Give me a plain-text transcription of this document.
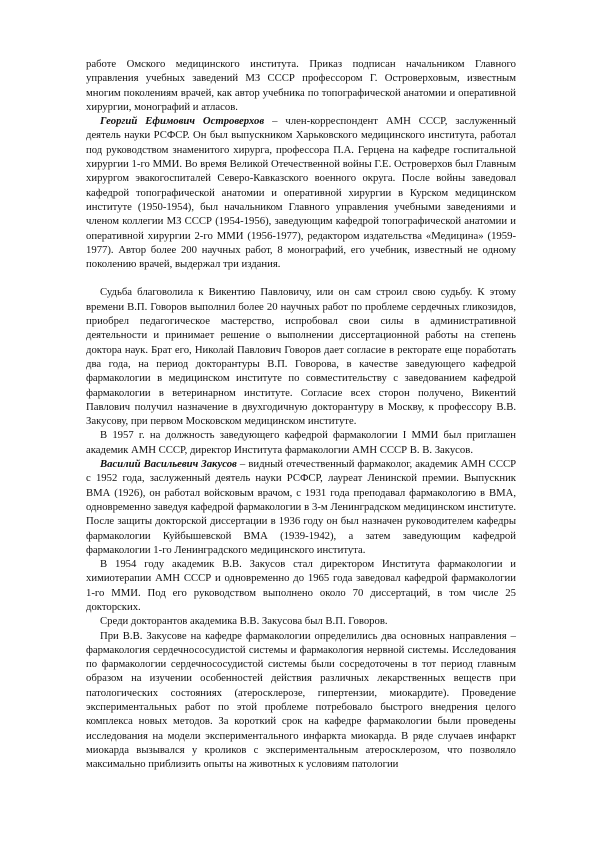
работе Омского медицинского института. Приказ подписан начальником Главного управления учебных заведений МЗ СССР профессором Г. Островерховым, известным многим поколениям врачей, как автор учебника по топографической анатомии и оперативной хирургии, монографий и атласов.

Георгий Ефимович Островерхов – член-корреспондент АМН СССР, заслуженный деятель науки РСФСР. Он был выпускником Харьковского медицинского института, работал под руководством знаменитого хирурга, профессора П.А. Герцена на кафедре госпитальной хирургии 1-го ММИ. Во время Великой Отечественной войны Г.Е. Островерхов был Главным хирургом эвакогоспиталей Северо-Кавказского военного округа. После войны заведовал кафедрой топографической анатомии и оперативной хирургии в Курском медицинском институте (1950-1954), был начальником Главного управления учебными заведениями и членом коллегии МЗ СССР (1954-1956), заведующим кафедрой топографической анатомии и оперативной хирургии 2-го ММИ (1956-1977), редактором издательства «Медицина» (1959-1977). Автор более 200 научных работ, 8 монографий, его учебник, известный не одному поколению врачей, выдержал три издания.

Судьба благоволила к Викентию Павловичу, или он сам строил свою судьбу. К этому времени В.П. Говоров выполнил более 20 научных работ по проблеме сердечных гликозидов, приобрел педагогическое мастерство, испробовал свои силы в административной деятельности и принимает решение о выполнении диссертационной работы на степень доктора наук. Брат его, Николай Павлович Говоров дает согласие в ректорате еще поработать два года, на период докторантуры В.П. Говорова, в качестве заведующего кафедрой фармакологии в медицинском институте по совместительству с заведованием кафедрой фармакологии в ветеринарном институте. Согласие всех сторон получено, Викентий Павлович получил назначение в двухгодичную докторантуру в Москву, к профессору В.В. Закусову, при первом Московском медицинском институте.

В 1957 г. на должность заведующего кафедрой фармакологии I ММИ был приглашен академик АМН СССР, директор Института фармакологии АМН СССР В. В. Закусов.

Василий Васильевич Закусов – видный отечественный фармаколог, академик АМН СССР с 1952 года, заслуженный деятель науки РСФСР, лауреат Ленинской премии. Выпускник ВМА (1926), он работал войсковым врачом, с 1931 года преподавал фармакологию в ВМА, одновременно заведуя кафедрой фармакологии в 3-м Ленинградском медицинском институте. После защиты докторской диссертации в 1936 году он был назначен руководителем кафедры фармакологии Куйбышевской ВМА (1939-1942), а затем заведующим кафедрой фармакологии 1-го Ленинградского медицинского института.

В 1954 году академик В.В. Закусов стал директором Института фармакологии и химиотерапии АМН СССР и одновременно до 1965 года заведовал кафедрой фармакологии 1-го ММИ. Под его руководством выполнено около 70 диссертаций, в том числе 25 докторских.

Среди докторантов академика В.В. Закусова был В.П. Говоров.

При В.В. Закусове на кафедре фармакологии определились два основных направления – фармакология сердечнососудистой системы и фармакология нервной системы. Исследования по фармакологии сердечнососудистой системы были сосредоточены в тот период главным образом на изучении особенностей действия различных лекарственных веществ при патологических состояниях (атеросклерозе, гипертензии, миокардите). Проведение экспериментальных работ по этой проблеме потребовало быстрого внедрения целого комплекса новых методов. За короткий срок на кафедре фармакологии были проведены исследования на модели экспериментального инфаркта миокарда. В ряде случаев инфаркт миокарда вызывался у кроликов с экспериментальным атеросклерозом, что позволяло максимально приблизить опыты на животных к условиям патологии
